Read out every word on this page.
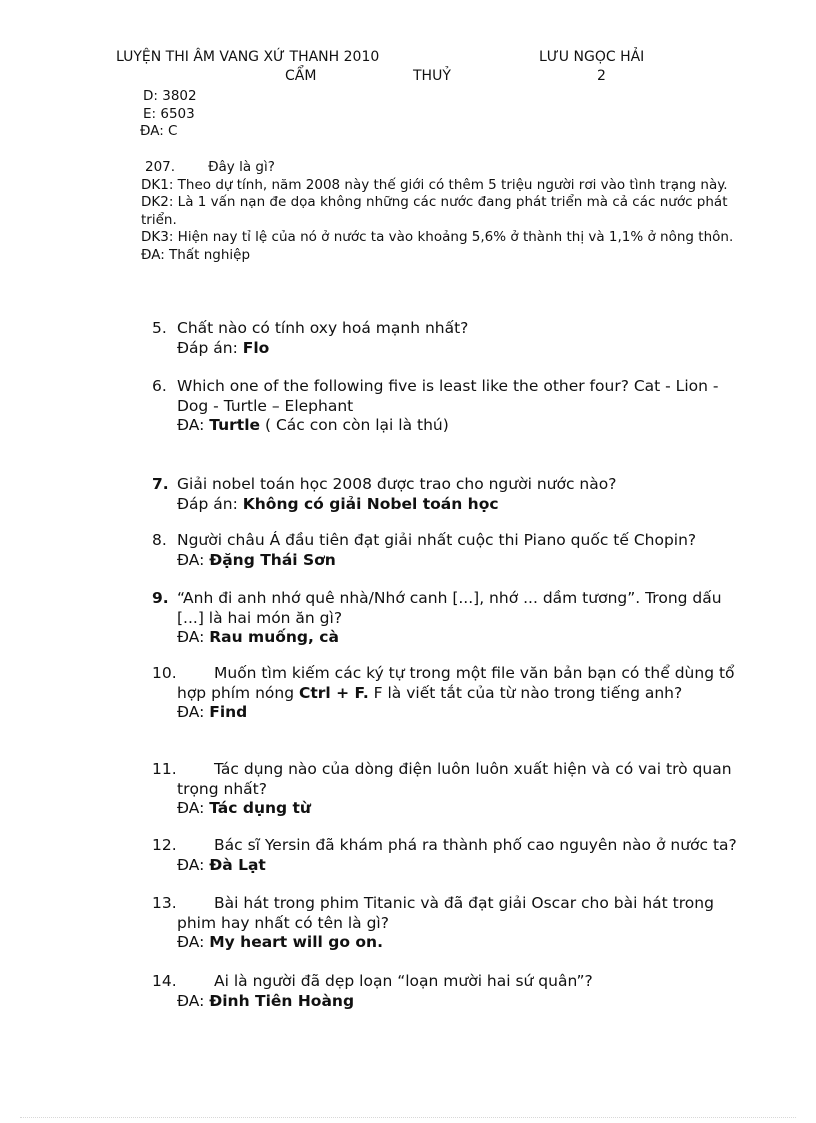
LUYỆN THI ÂM VANG XỨ THANH 2010	LƯU NGỌC HẢI
CẨM	THUỶ	2

D: 3802

E: 6503

ĐA: C

207. Đây là gì?

DK1: Theo dự tính, năm 2008 này thế giới có thêm 5 triệu người rơi vào tình trạng này.

DK2: Là 1 vấn nạn đe dọa không những các nước đang phát triển mà cả các nước phát triển.

DK3: Hiện nay tỉ lệ của nó ở nước ta vào khoảng 5,6% ở thành thị và 1,1% ở nông thôn.

ĐA: Thất nghiệp

5. Chất nào có tính oxy hoá mạnh nhất?

Đáp án: Flo

6. Which one of the following five is least like the other four? Cat - Lion - Dog - Turtle – Elephant

ĐA: Turtle ( Các con còn lại là thú)

7. Giải nobel toán học 2008 được trao cho người nước nào?

Đáp án: Không có giải Nobel toán học

8. Người châu Á đầu tiên đạt giải nhất cuộc thi Piano quốc tế Chopin?

ĐA: Đặng Thái Sơn

9. “Anh đi anh nhớ quê nhà/Nhớ canh [...], nhớ ... dầm tương”. Trong dấu [...] là hai món ăn gì?

ĐA: Rau muống, cà

10.	Muốn tìm kiếm các ký tự trong một file văn bản bạn có thể dùng tổ hợp phím nóng Ctrl + F. F là viết tắt của từ nào trong tiếng anh?

ĐA: Find

11.	Tác dụng nào của dòng điện luôn luôn xuất hiện và có vai trò quan trọng nhất?

ĐA: Tác dụng từ

12.	Bác sĩ Yersin đã khám phá ra thành phố cao nguyên nào ở nước ta?

ĐA: Đà Lạt

13.	Bài hát trong phim Titanic và đã đạt giải Oscar cho bài hát trong phim hay nhất có tên là gì?

ĐA: My heart will go on.

14.	Ai là người đã dẹp loạn “loạn mười hai sứ quân”?

ĐA: Đinh Tiên Hoàng
